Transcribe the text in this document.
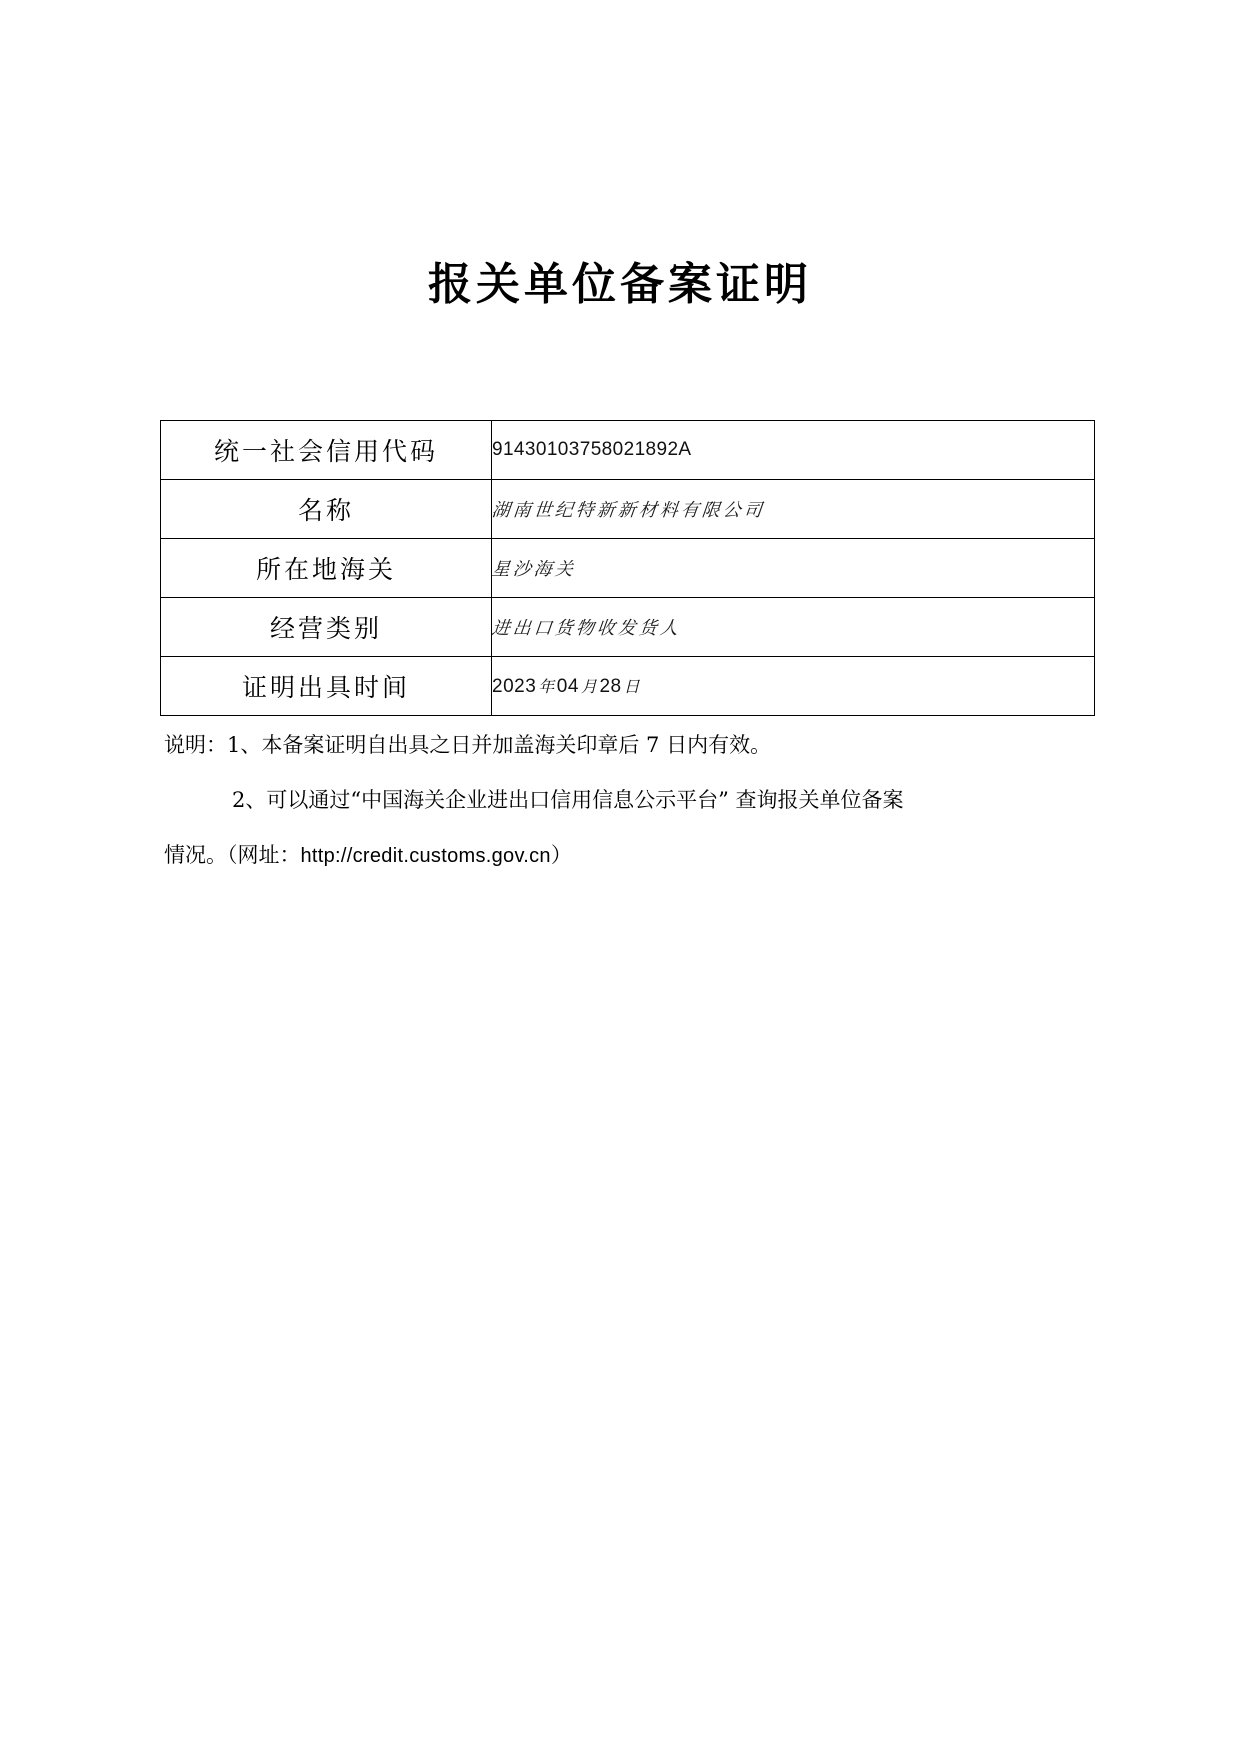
报关单位备案证明
统一社会信用代码	91430103758021892A
名称	湖南世纪特新新材料有限公司
所在地海关	星沙海关
经营类别	进出口货物收发货人
证明出具时间	2023 年 04 月 28 日

说明：1、本备案证明自出具之日并加盖海关印章后 7 日内有效。

2、可以通过“中国海关企业进出口信用信息公示平台” 查询报关单位备案

情况。（网址：http://credit.customs.gov.cn）
